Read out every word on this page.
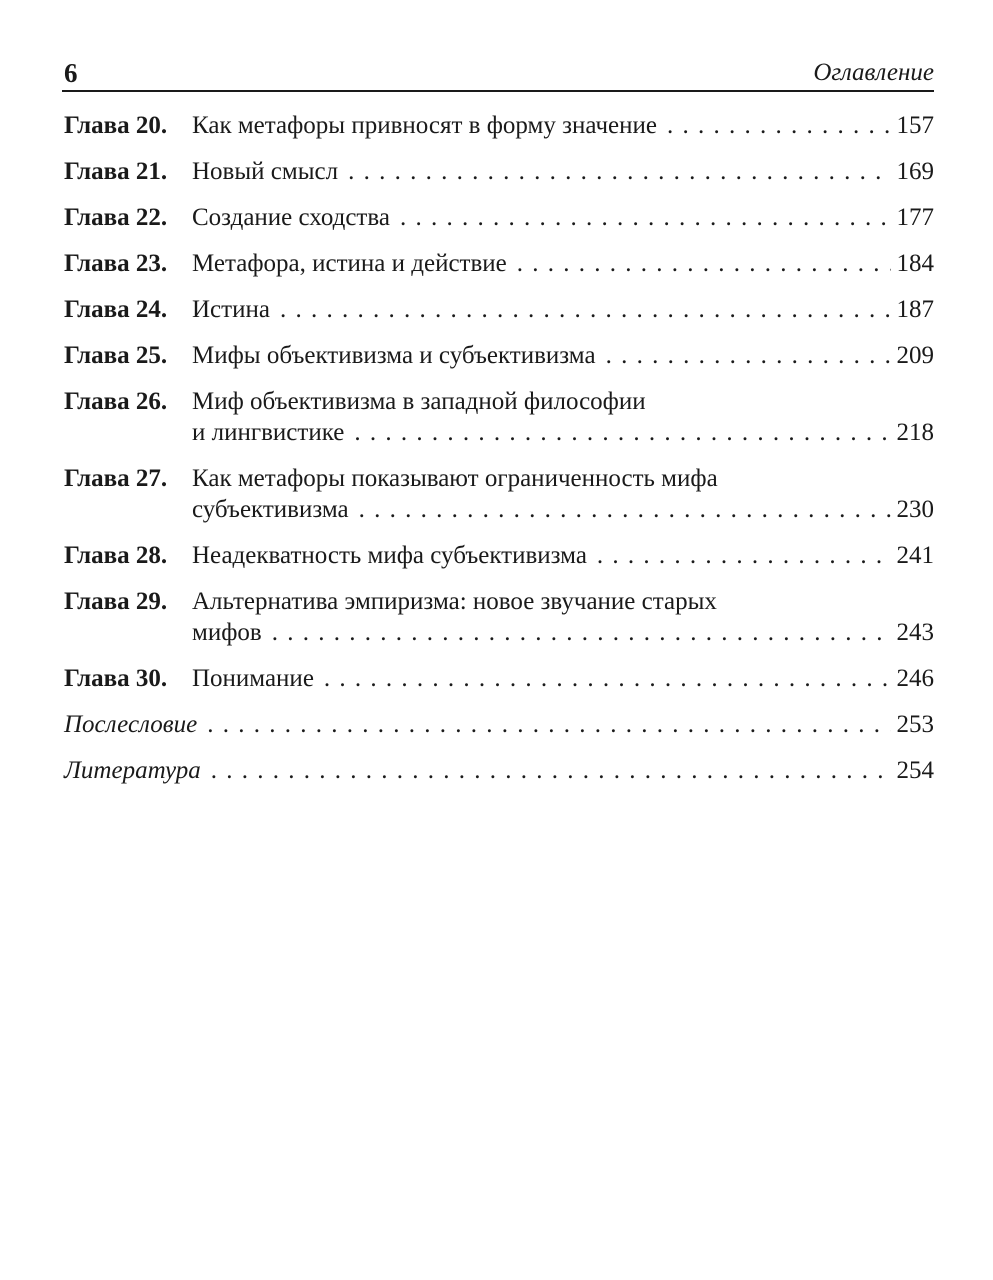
6	Оглавление
Глава 20. Как метафоры привносят в форму значение . . .	157
Глава 21. Новый смысл . . .	169
Глава 22. Создание сходства . . .	177
Глава 23. Метафора, истина и действие . . .	184
Глава 24. Истина . . .	187
Глава 25. Мифы объективизма и субъективизма . . .	209
Глава 26. Миф объективизма в западной философии
и лингвистике . . .	218
Глава 27. Как метафоры показывают ограниченность мифа
субъективизма . . .	230
Глава 28. Неадекватность мифа субъективизма . . .	241
Глава 29. Альтернатива эмпиризма: новое звучание старых
мифов . . .	243
Глава 30. Понимание . . .	246
Послесловие . . .	253
Литература . . .	254
